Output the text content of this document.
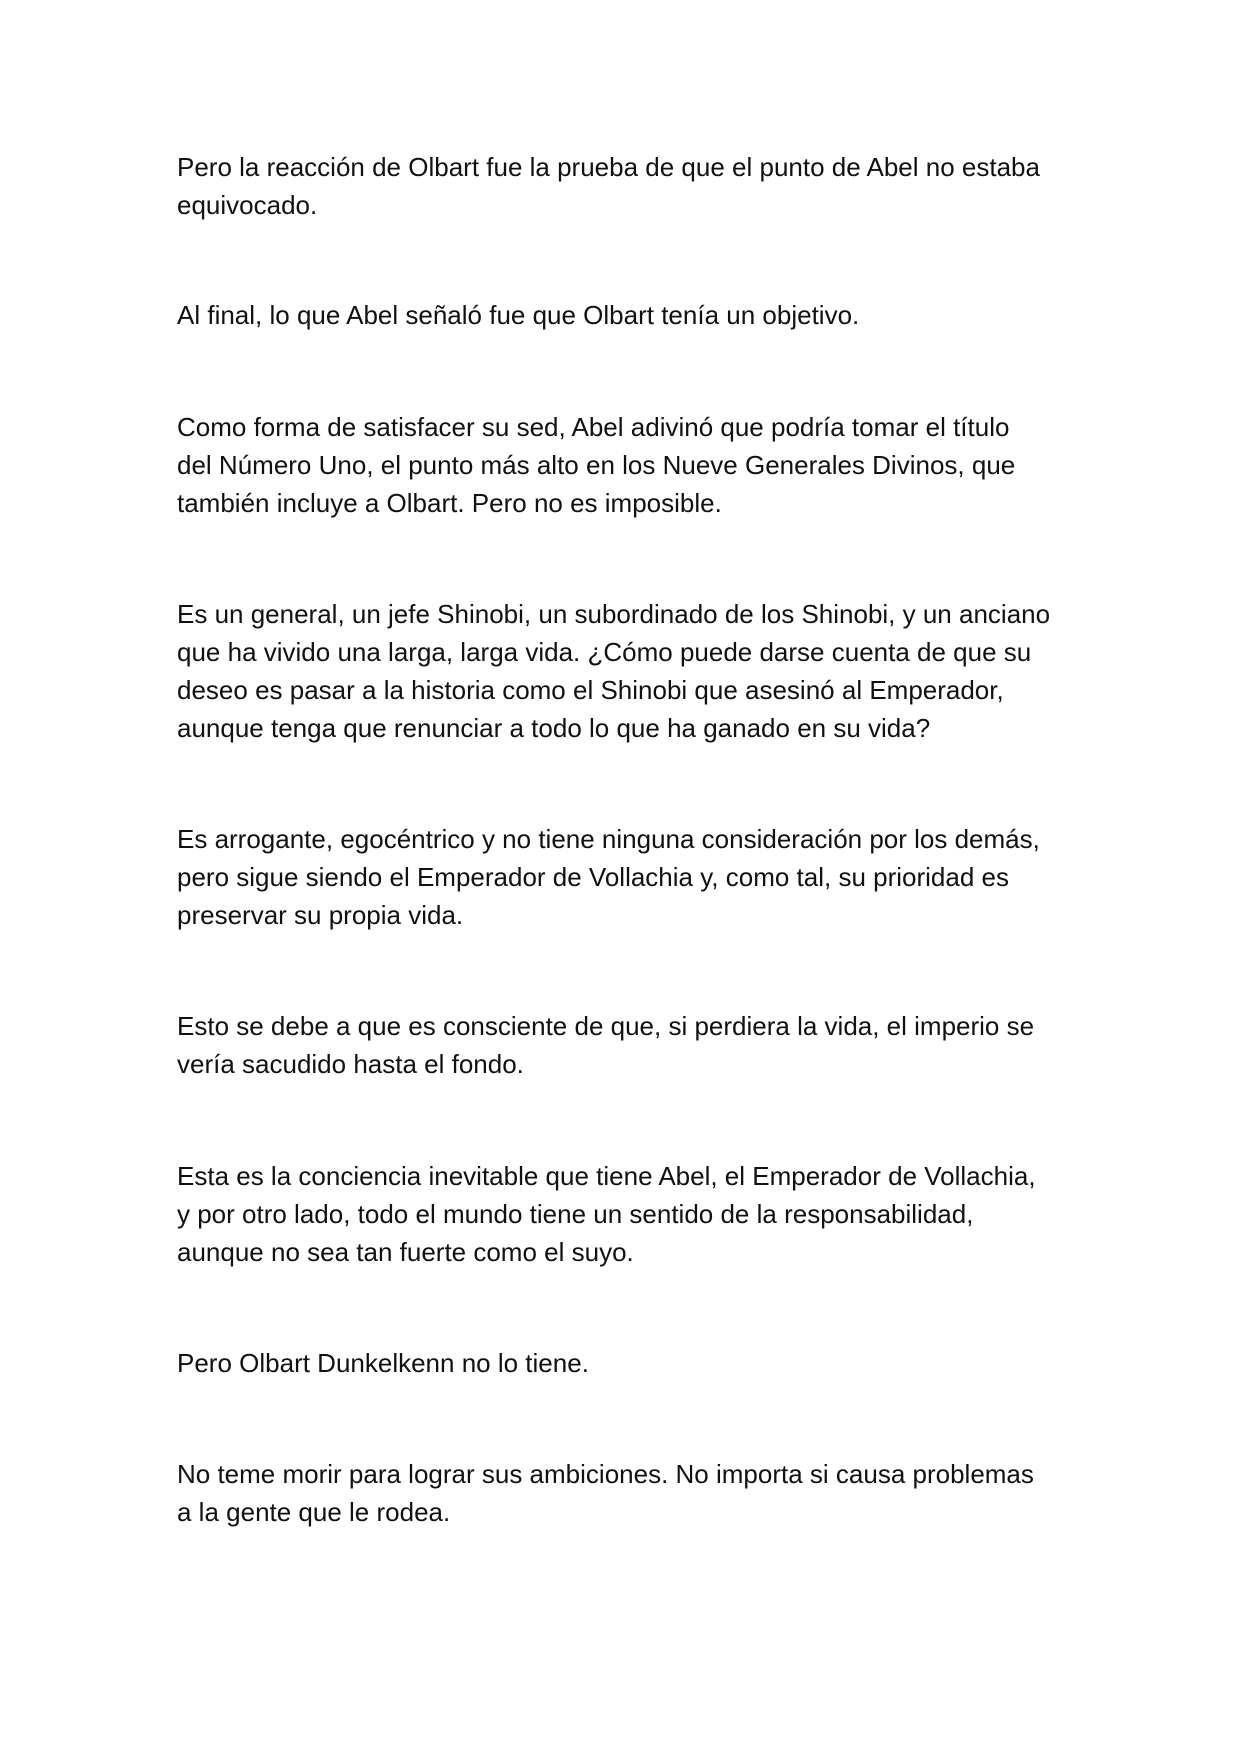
Pero la reacción de Olbart fue la prueba de que el punto de Abel no estaba
equivocado.

Al final, lo que Abel señaló fue que Olbart tenía un objetivo.

Como forma de satisfacer su sed, Abel adivinó que podría tomar el título
del Número Uno, el punto más alto en los Nueve Generales Divinos, que
también incluye a Olbart. Pero no es imposible.

Es un general, un jefe Shinobi, un subordinado de los Shinobi, y un anciano
que ha vivido una larga, larga vida. ¿Cómo puede darse cuenta de que su
deseo es pasar a la historia como el Shinobi que asesinó al Emperador,
aunque tenga que renunciar a todo lo que ha ganado en su vida?

Es arrogante, egocéntrico y no tiene ninguna consideración por los demás,
pero sigue siendo el Emperador de Vollachia y, como tal, su prioridad es
preservar su propia vida.

Esto se debe a que es consciente de que, si perdiera la vida, el imperio se
vería sacudido hasta el fondo.

Esta es la conciencia inevitable que tiene Abel, el Emperador de Vollachia,
y por otro lado, todo el mundo tiene un sentido de la responsabilidad,
aunque no sea tan fuerte como el suyo.

Pero Olbart Dunkelkenn no lo tiene.

No teme morir para lograr sus ambiciones. No importa si causa problemas
a la gente que le rodea.
